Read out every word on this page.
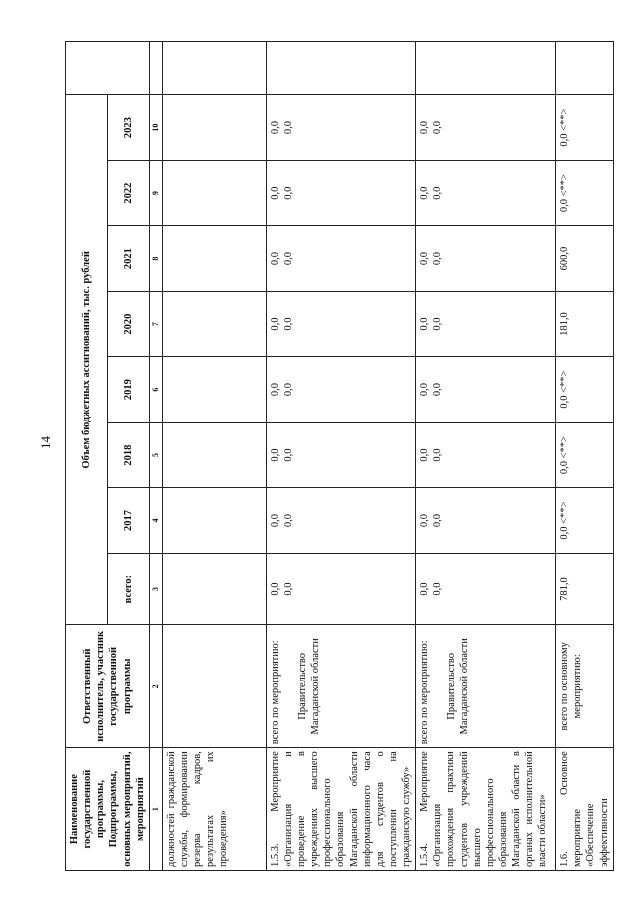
14
Наименование государственной программы, Подпрограммы, основных мероприятий, мероприятий	Ответственный исполнитель, участник государственной программы	Объем бюджетных ассигнований, тыс. рублей								
		всего:	2017	2018	2019	2020	2021	2022	2023	
1	2	3	4	5	6	7	8	9	10	
должностей гражданской службы, формировании резерва кадров, результатах их проведения»										
1.5.3. Мероприятие «Организация и проведение в учреждениях высшего профессионального образования Магаданской области информационного часа для студентов о поступлении на гражданскую службу»	всего по мероприятию: Правительство Магаданской области	0,0 0,0	0,0 0,0	0,0 0,0	0,0 0,0	0,0 0,0	0,0 0,0	0,0 0,0	0,0 0,0	

1.5.4. Мероприятие «Организация прохождения практики студентов учреждений высшего профессионального образования Магаданской области в органах исполнительной власти области»	всего по мероприятию: Правительство Магаданской области	0,0 0,0	0,0 0,0	0,0 0,0	0,0 0,0	0,0 0,0	0,0 0,0	0,0 0,0	0,0 0,0	

1.6. Основное мероприятие «Обеспечение эффективности	всего по основному мероприятию:	781,0	0,0 <**>	0,0 <**>	0,0 <**>	181,0	600,0	0,0 <**>	0,0 <**>	
